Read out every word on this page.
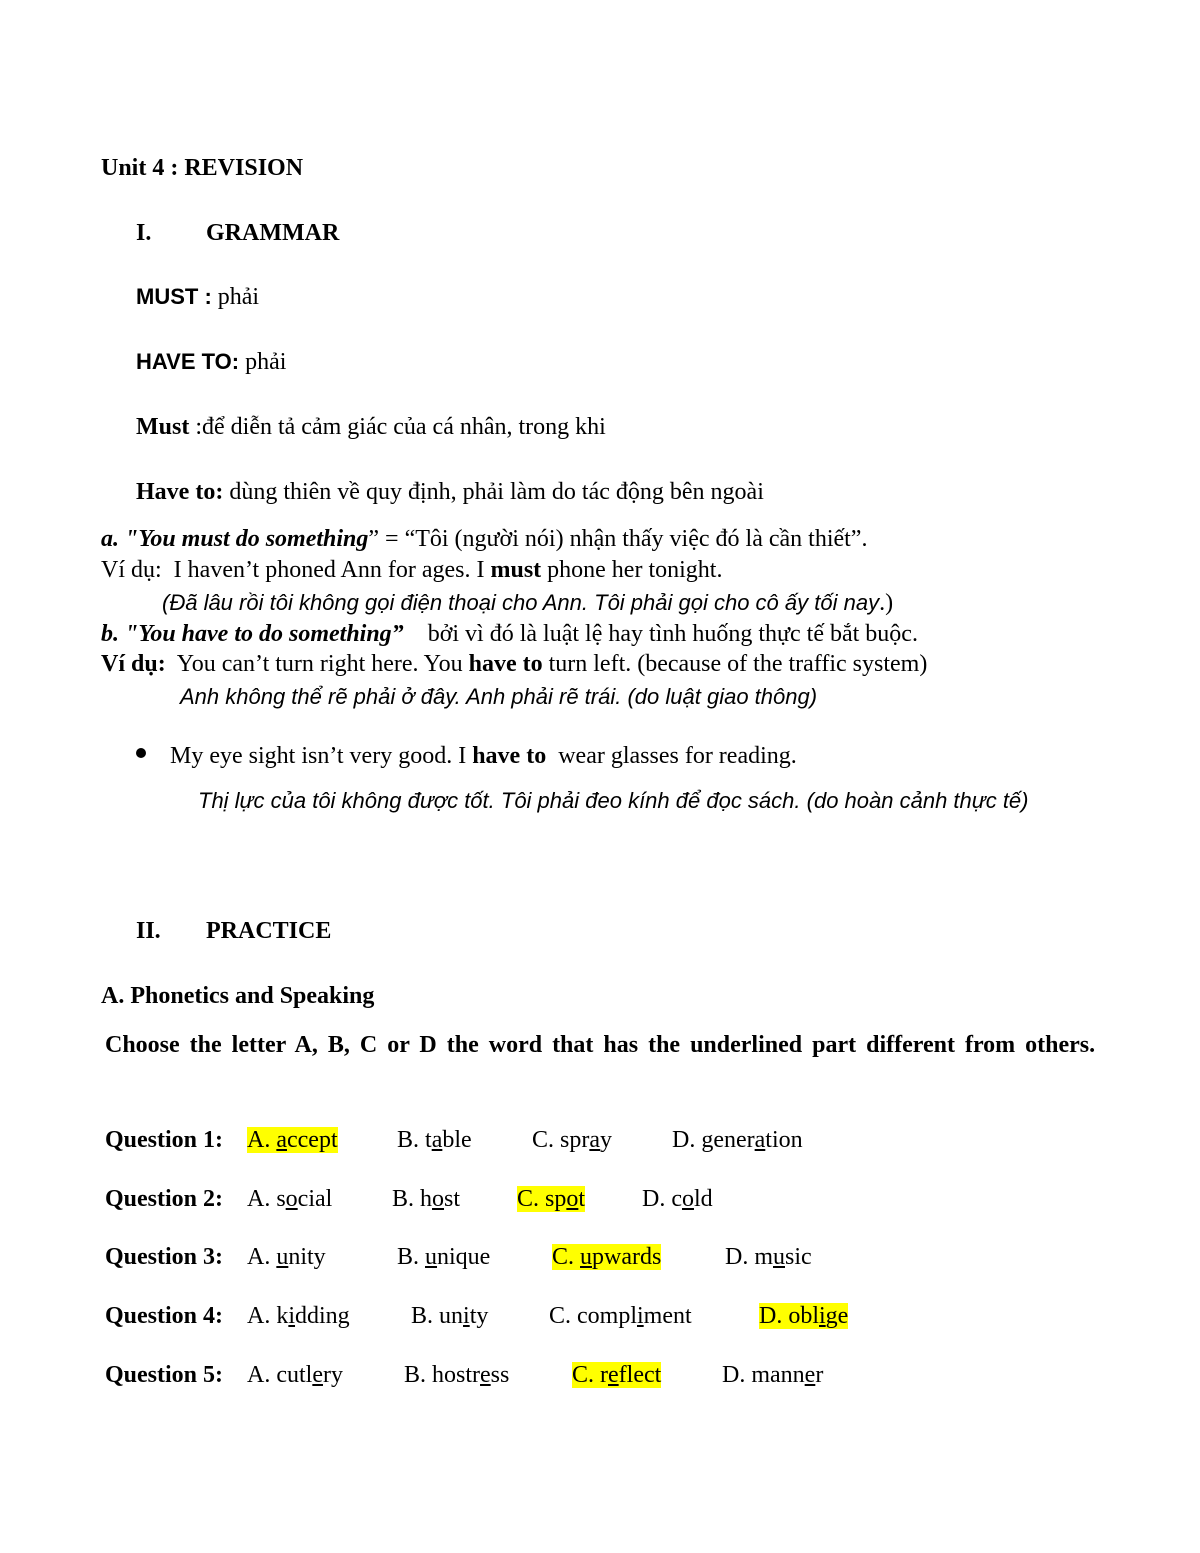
Unit 4 : REVISION
I. GRAMMAR
MUST : phải
HAVE TO: phải
Must :để diễn tả cảm giác của cá nhân, trong khi
Have to: dùng thiên về quy định, phải làm do tác động bên ngoài
a. "You must do something” = “Tôi (người nói) nhận thấy việc đó là cần thiết”.
Ví dụ: I haven’t phoned Ann for ages. I must phone her tonight.
(Đã lâu rồi tôi không gọi điện thoại cho Ann. Tôi phải gọi cho cô ấy tối nay.)
b. "You have to do something” bởi vì đó là luật lệ hay tình huống thực tế bắt buộc.
Ví dụ: You can’t turn right here. You have to turn left. (because of the traffic system)
Anh không thể rẽ phải ở đây. Anh phải rẽ trái. (do luật giao thông)
My eye sight isn’t very good. I have to wear glasses for reading.
Thị lực của tôi không được tốt. Tôi phải đeo kính để đọc sách. (do hoàn cảnh thực tế)
II. PRACTICE
A. Phonetics and Speaking
Choose the letter A, B, C or D the word that has the underlined part different from others.
Question 1: A. accept B. table	C. spray	D. generation
Question 2: A. social B. host C. spot D. cold
Question 3: A. unity	B. unique	C. upwards	D. music
Question 4: A. kidding	B. unity	C. compliment	D. oblige
Question 5: A. cutlery	B. hostress	C. reflect	D. manner
